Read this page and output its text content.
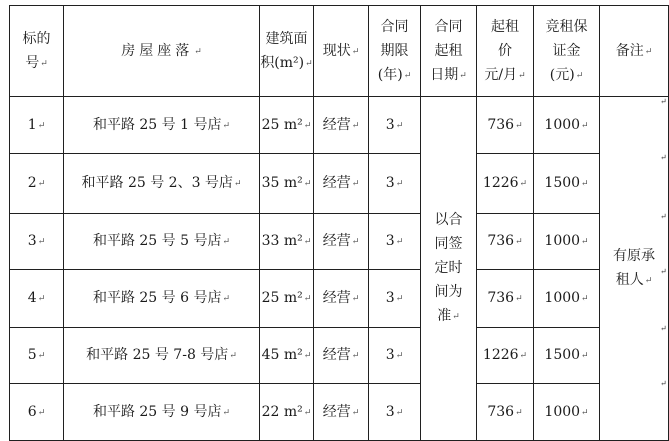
标的
号↵	房屋座落↵	建筑面
积(m²)↵	现状↵	合同
期限
(年)↵	合同
起租
日期↵	起租
价
元/月↵	竞租保
证金
(元)↵	备注↵
1↵	和平路 25 号 1 号店↵	25 m²↵	经营↵	3↵	以合
同签
定时
间为
准↵	736↵	1000↵	有原承
租人↵
2↵	和平路 25 号 2、3 号店↵	35 m²↵	经营↵	3↵		1226↵	1500↵	
3↵	和平路 25 号 5 号店↵	33 m²↵	经营↵	3↵		736↵	1000↵	
4↵	和平路 25 号 6 号店↵	25 m²↵	经营↵	3↵		736↵	1000↵	
5↵	和平路 25 号 7-8 号店↵	45 m²↵	经营↵	3↵		1226↵	1500↵	
6↵	和平路 25 号 9 号店↵	22 m²↵	经营↵	3↵		736↵	1000↵	
↵
↵
↵
↵
↵
↵
